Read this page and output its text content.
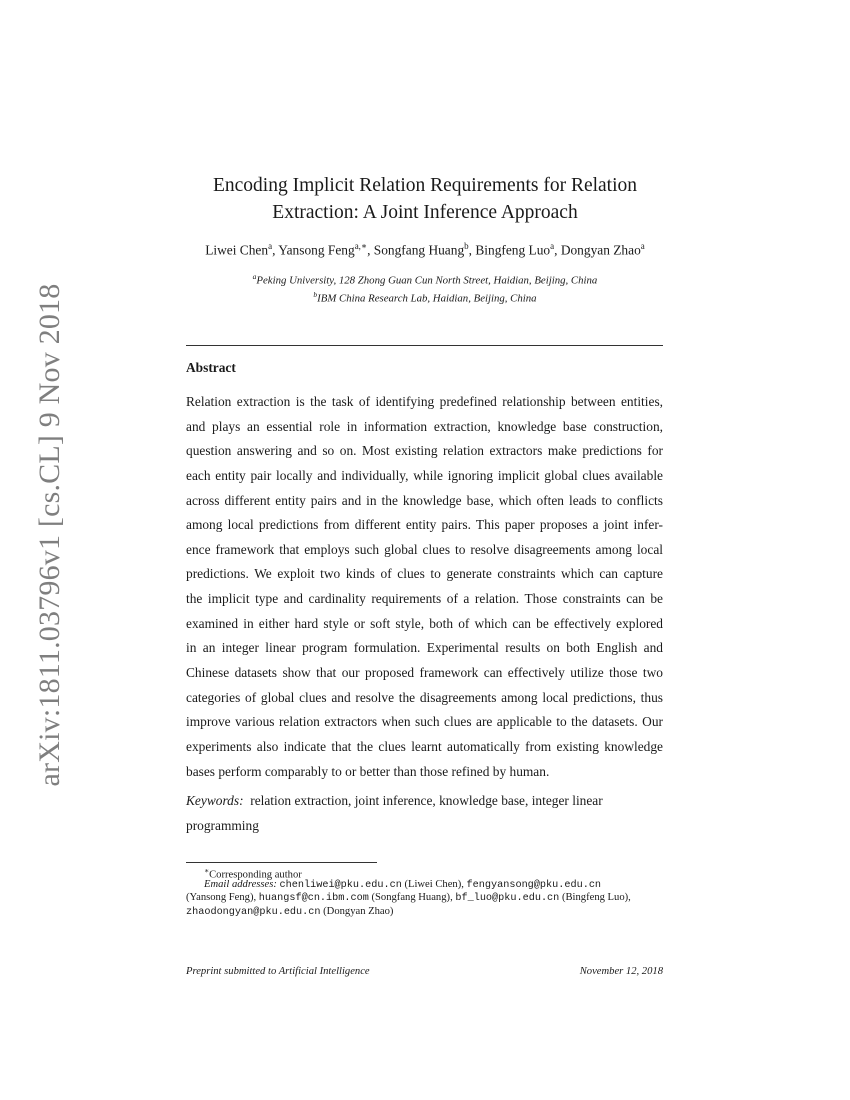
arXiv:1811.03796v1 [cs.CL] 9 Nov 2018
Encoding Implicit Relation Requirements for Relation
Extraction: A Joint Inference Approach
Liwei Chen$^a$, Yansong Feng$^{a,∗}$, Songfang Huang$^b$, Bingfeng Luo$^a$, Dongyan Zhao$^a$
$^a$Peking University, 128 Zhong Guan Cun North Street, Haidian, Beijing, China
$^b$IBM China Research Lab, Haidian, Beijing, China
Abstract
Relation extraction is the task of identifying predefined relationship between entities,
and plays an essential role in information extraction, knowledge base construction,
question answering and so on. Most existing relation extractors make predictions for
each entity pair locally and individually, while ignoring implicit global clues available
across different entity pairs and in the knowledge base, which often leads to conflicts
among local predictions from different entity pairs. This paper proposes a joint infer-
ence framework that employs such global clues to resolve disagreements among local
predictions. We exploit two kinds of clues to generate constraints which can capture
the implicit type and cardinality requirements of a relation. Those constraints can be
examined in either hard style or soft style, both of which can be effectively explored
in an integer linear program formulation. Experimental results on both English and
Chinese datasets show that our proposed framework can effectively utilize those two
categories of global clues and resolve the disagreements among local predictions, thus
improve various relation extractors when such clues are applicable to the datasets. Our
experiments also indicate that the clues learnt automatically from existing knowledge
bases perform comparably to or better than those refined by human.
Keywords: relation extraction, joint inference, knowledge base, integer linear
programming
∗Corresponding author
Email addresses: chenliwei@pku.edu.cn (Liwei Chen), fengyansong@pku.edu.cn
(Yansong Feng), huangsf@cn.ibm.com (Songfang Huang), bf_luo@pku.edu.cn (Bingfeng Luo),
zhaodongyan@pku.edu.cn (Dongyan Zhao)
Preprint submitted to Artificial Intelligence	November 12, 2018
